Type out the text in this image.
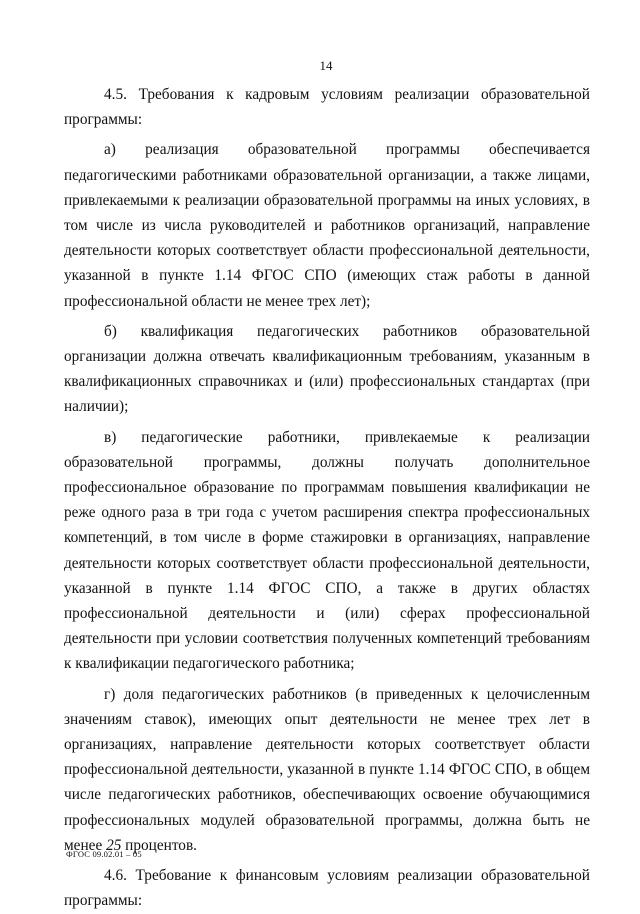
14

4.5. Требования к кадровым условиям реализации образовательной программы:

а) реализация образовательной программы обеспечивается педагогическими работниками образовательной организации, а также лицами, привлекаемыми к реализации образовательной программы на иных условиях, в том числе из числа руководителей и работников организаций, направление деятельности которых соответствует области профессиональной деятельности, указанной в пункте 1.14 ФГОС СПО (имеющих стаж работы в данной профессиональной области не менее трех лет);

б) квалификация педагогических работников образовательной организации должна отвечать квалификационным требованиям, указанным в квалификационных справочниках и (или) профессиональных стандартах (при наличии);

в) педагогические работники, привлекаемые к реализации образовательной программы, должны получать дополнительное профессиональное образование по программам повышения квалификации не реже одного раза в три года с учетом расширения спектра профессиональных компетенций, в том числе в форме стажировки в организациях, направление деятельности которых соответствует области профессиональной деятельности, указанной в пункте 1.14 ФГОС СПО, а также в других областях профессиональной деятельности и (или) сферах профессиональной деятельности при условии соответствия полученных компетенций требованиям к квалификации педагогического работника;

г) доля педагогических работников (в приведенных к целочисленным значениям ставок), имеющих опыт деятельности не менее трех лет в организациях, направление деятельности которых соответствует области профессиональной деятельности, указанной в пункте 1.14 ФГОС СПО, в общем числе педагогических работников, обеспечивающих освоение обучающимися профессиональных модулей образовательной программы, должна быть не менее 25 процентов.

4.6. Требование к финансовым условиям реализации образовательной программы:

ФГОС 09.02.01 – 05
